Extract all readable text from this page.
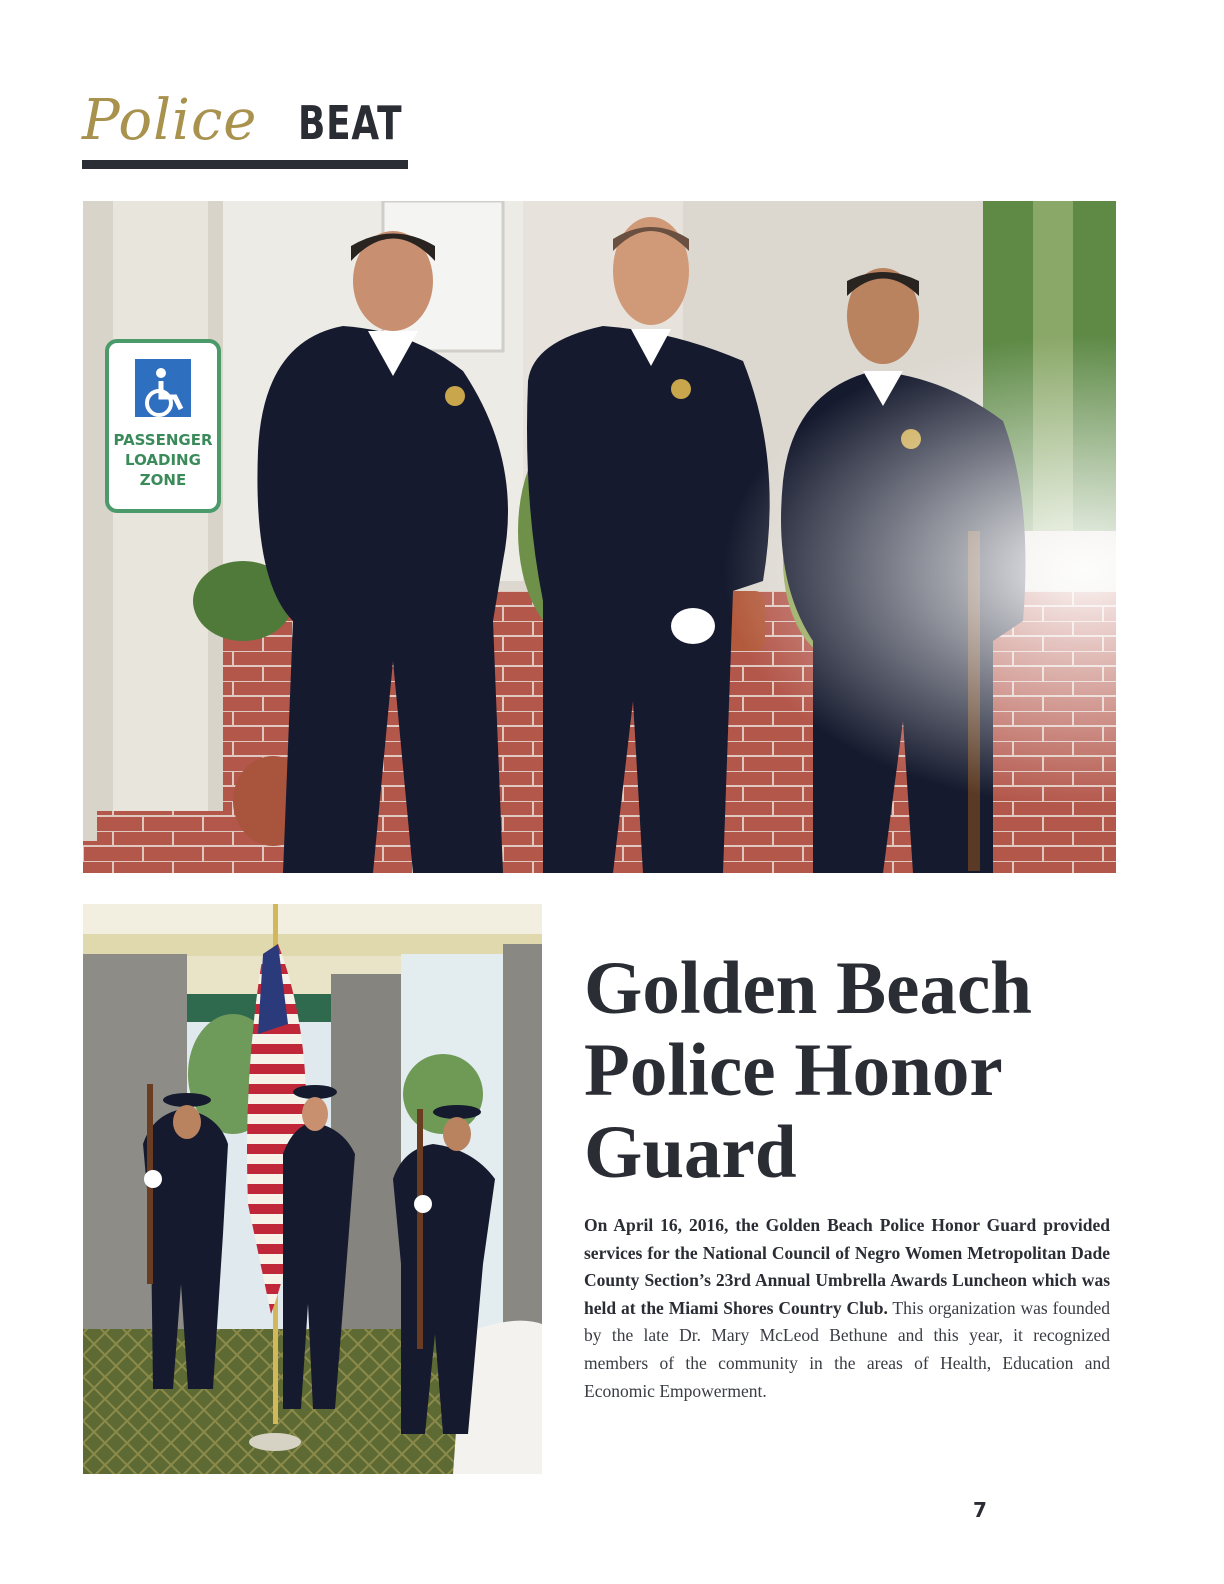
Police BEAT
Golden Beach
Police Honor
Guard

On April 16, 2016, the Golden Beach Police Honor Guard provided services for the National Council of Negro Women Metropolitan Dade County Section’s 23rd Annual Umbrella Awards Luncheon which was held at the Miami Shores Country Club. This organization was founded by the late Dr. Mary McLeod Bethune and this year, it recognized members of the community in the areas of Health, Education and Economic Empowerment.

7
